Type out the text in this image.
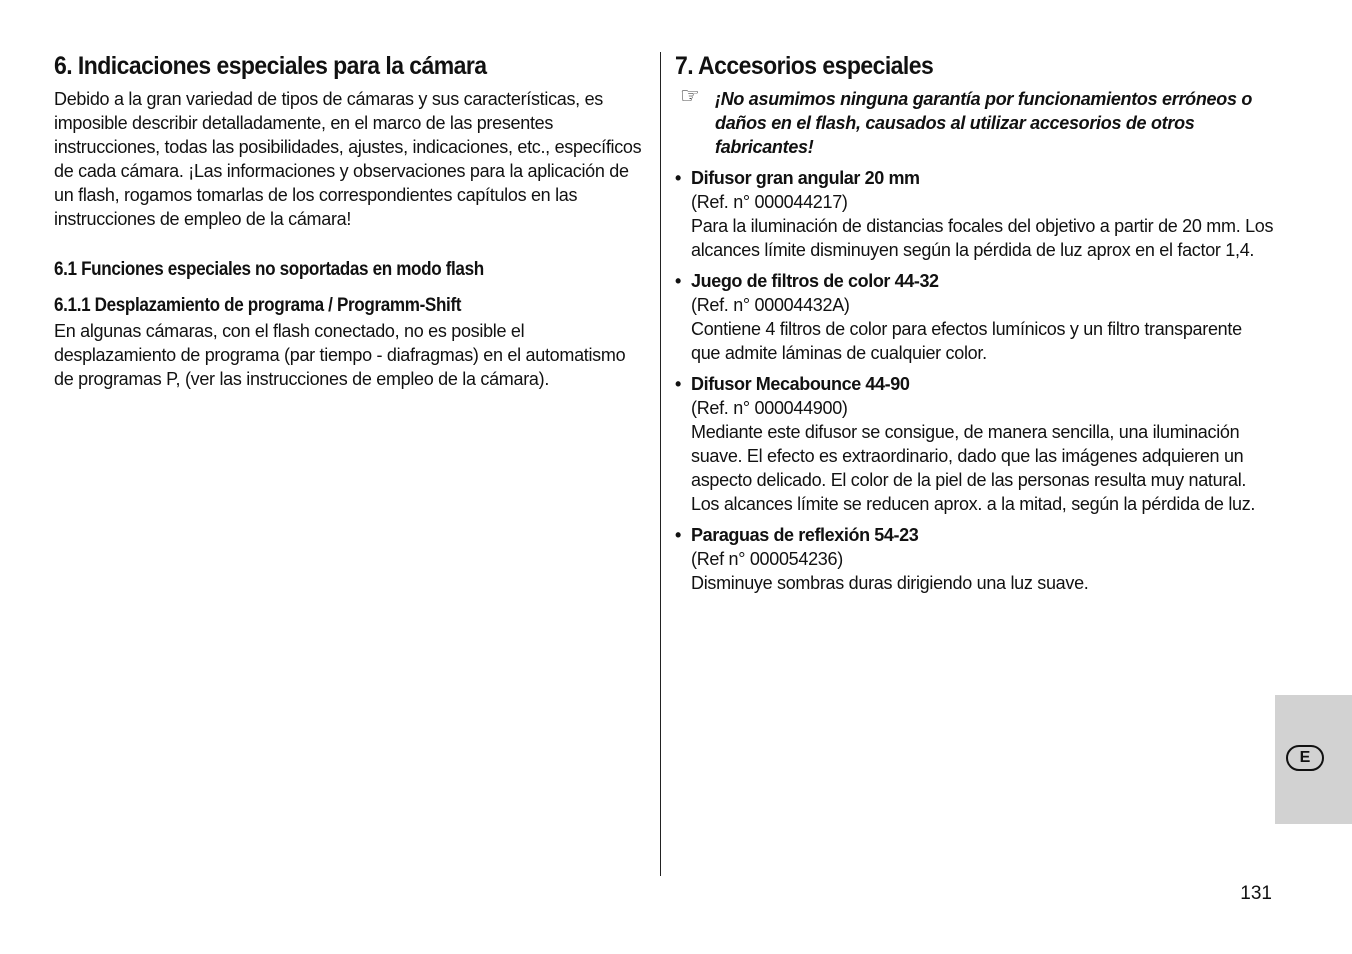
6. Indicaciones especiales para la cámara

Debido a la gran variedad de tipos de cámaras y sus características, es imposible describir detalladamente, en el marco de las presentes instrucciones, todas las posibilidades, ajustes, indicaciones, etc., específicos de cada cámara. ¡Las informaciones y observaciones para la aplicación de un flash, rogamos tomarlas de los correspondientes capítulos en las instrucciones de empleo de la cámara!

6.1 Funciones especiales no soportadas en modo flash
6.1.1 Desplazamiento de programa / Programm-Shift

En algunas cámaras, con el flash conectado, no es posible el desplazamiento de programa (par tiempo - diafragmas) en el automatismo de programas P, (ver las instrucciones de empleo de la cámara).

7. Accesorios especiales
☞ ¡No asumimos ninguna garantía por funcionamientos erróneos o daños en el flash, causados al utilizar accesorios de otros fabricantes!
• Difusor gran angular 20 mm
(Ref. n° 000044217)
Para la iluminación de distancias focales del objetivo a partir de 20 mm. Los alcances límite disminuyen según la pérdida de luz aprox en el factor 1,4.
• Juego de filtros de color 44-32
(Ref. n° 00004432A)
Contiene 4 filtros de color para efectos lumínicos y un filtro transparente que admite láminas de cualquier color.
• Difusor Mecabounce 44-90
(Ref. n° 000044900)
Mediante este difusor se consigue, de manera sencilla, una iluminación suave. El efecto es extraordinario, dado que las imágenes adquieren un aspecto delicado. El color de la piel de las personas resulta muy natural. Los alcances límite se reducen aprox. a la mitad, según la pérdida de luz.
• Paraguas de reflexión 54-23
(Ref n° 000054236)
Disminuye sombras duras dirigiendo una luz suave.
E
131
